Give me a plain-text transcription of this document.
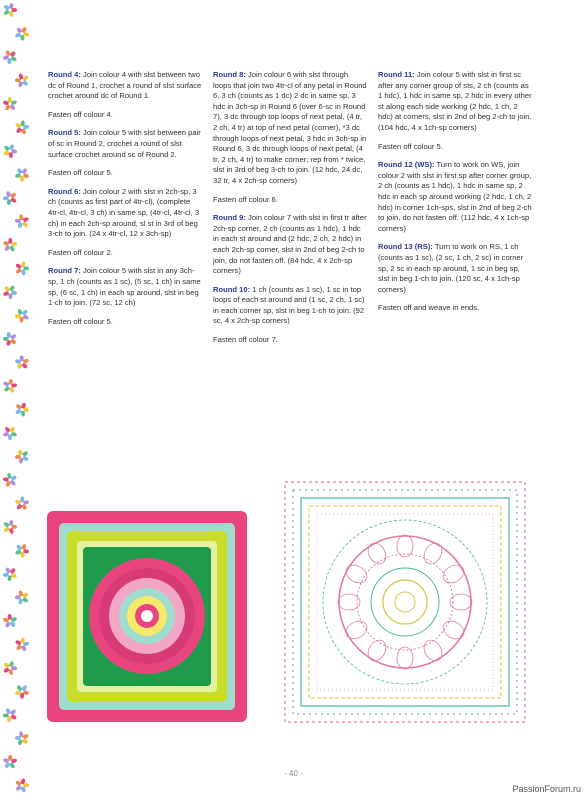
Round 4: Join colour 4 with slst between two dc of Round 1, crochet a round of slst surface crochet around dc of Round 1.
Fasten off colour 4.
Round 5: Join colour 5 with slst between pair of sc in Round 2, crochet a round of slst surface crochet around sc of Round 2.
Fasten off colour 5.
Round 6: Join colour 2 with slst in 2ch-sp, 3 ch (counts as first part of 4tr-cl), (complete 4tr-cl, 4tr-cl, 3 ch) in same sp, (4tr-cl, 4tr-cl, 3 ch) in each 2ch-sp around, sl st in 3rd of beg 3-ch to join. (24 x 4tr-cl, 12 x 3ch-sp)
Fasten off colour 2.
Round 7: Join colour 5 with slst in any 3ch-sp, 1 ch (counts as 1 sc), (5 sc, 1 ch) in same sp, (6 sc, 1 ch) in each sp around, slst in beg 1-ch to join. (72 sc, 12 ch)
Fasten off colour 5.
Round 8: Join colour 6 with slst through loops that join two 4tr-cl of any petal in Round 6, 3 ch (counts as 1 dc) 2 dc in same sp, 3 hdc in 3ch-sp in Round 6 (over 6-sc in Round 7), 3 dc through top loops of next petal, (4 tr, 2 ch, 4 tr) at top of next petal (corner), *3 dc through loops of next petal, 3 hdc in 3ch-sp in Round 6, 3 dc through loops of next petal, (4 tr, 2 ch, 4 tr) to make corner; rep from * twice, slst in 3rd of beg 3-ch to join. (12 hdc, 24 dc, 32 tr, 4 x 2ch-sp corners)
Fasten off colour 6.
Round 9: Join colour 7 with slst in first tr after 2ch-sp corner, 2 ch (counts as 1 hdc), 1 hdc in each st around and (2 hdc, 2 ch, 2 hdc) in each 2ch-sp corner, slst in 2nd of beg 2-ch to join, do not fasten off. (84 hdc, 4 x 2ch-sp corners)
Round 10: 1 ch (counts as 1 sc), 1 sc in top loops of each st around and (1 sc, 2 ch, 1 sc) in each corner sp, slst in beg 1-ch to join. (92 sc, 4 x 2ch-sp corners)
Fasten off colour 7.
Round 11: Join colour 5 with slst in first sc after any corner group of sts, 2 ch (counts as 1 hdc), 1 hdc in same sp, 2 hdc in every other st along each side working (2 hdc, 1 ch, 2 hdc) at corners, slst in 2nd of beg 2-ch to join. (104 hdc, 4 x 1ch-sp corners)
Fasten off colour 5.
Round 12 (WS): Turn to work on WS, join colour 2 with slst in first sp after corner group, 2 ch (counts as 1 hdc), 1 hdc in same sp, 2 hdc in each sp around working (2 hdc, 1 ch, 2 hdc) in corner 1ch-sps, slst in 2nd of beg 2-ch to join, do not fasten off. (112 hdc, 4 x 1ch-sp corners)
Round 13 (RS): Turn to work on RS, 1 ch (counts as 1 sc), (2 sc, 1 ch, 2 sc) in corner sp, 2 sc in each sp around, 1 sc in beg sp, slst in beg 1-ch to join. (120 sc, 4 x 1ch-sp corners)
Fasten off and weave in ends.
- 40 -
PassionForum.ru
